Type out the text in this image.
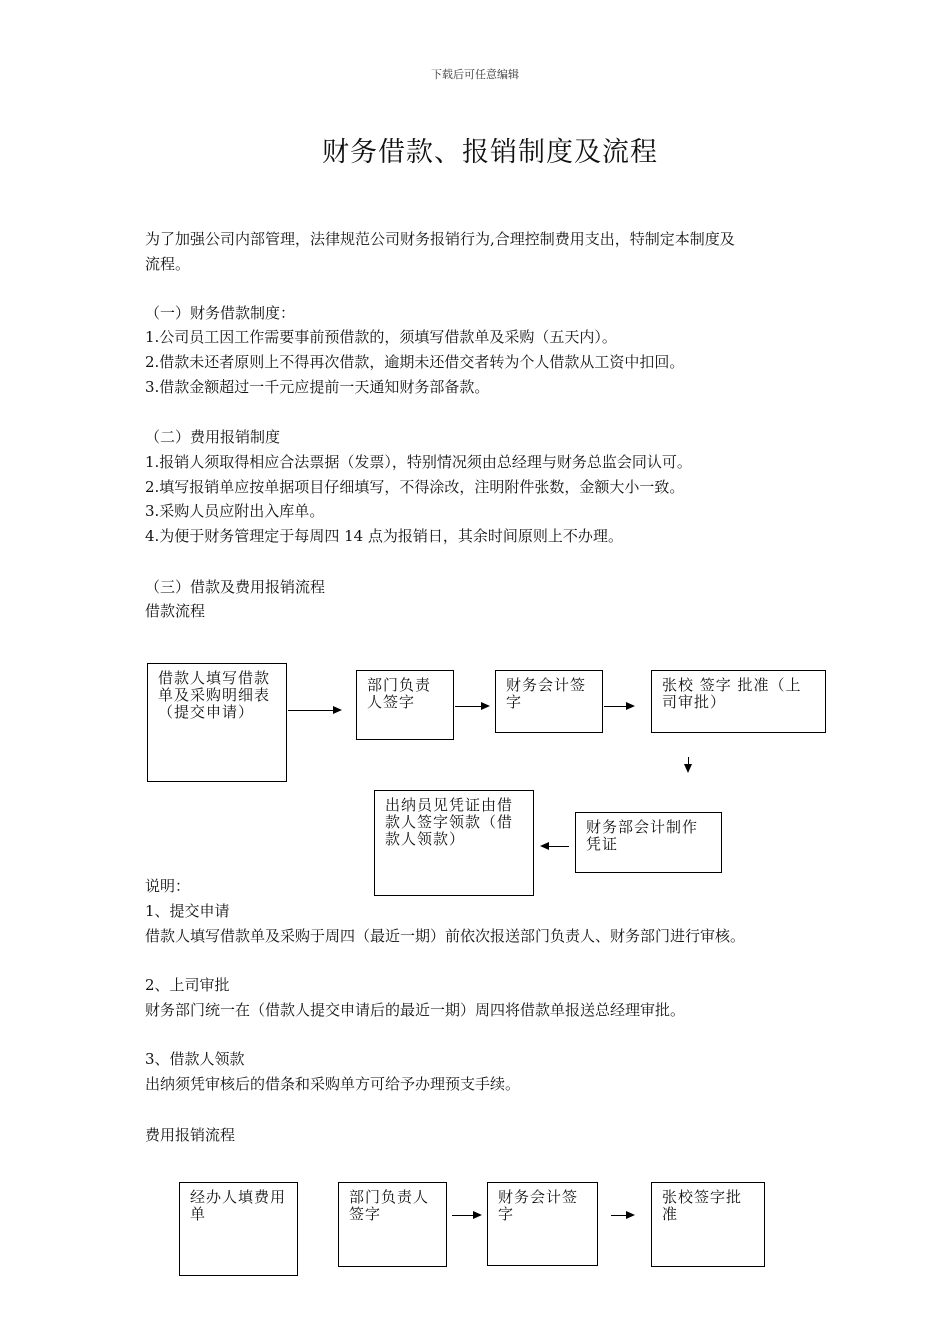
下载后可任意编辑
财务借款、报销制度及流程
为了加强公司内部管理，法律规范公司财务报销行为,合理控制费用支出，特制定本制度及
流程。
（一）财务借款制度：
1.公司员工因工作需要事前预借款的，须填写借款单及采购（五天内）。
2.借款未还者原则上不得再次借款，逾期未还借交者转为个人借款从工资中扣回。
3.借款金额超过一千元应提前一天通知财务部备款。
（二）费用报销制度
1.报销人须取得相应合法票据（发票），特别情况须由总经理与财务总监会同认可。
2.填写报销单应按单据项目仔细填写，不得涂改，注明附件张数，金额大小一致。
3.采购人员应附出入库单。
4.为便于财务管理定于每周四 14 点为报销日，其余时间原则上不办理。
（三）借款及费用报销流程
借款流程
借款人填写借款单及采购明细表（提交申请）
部门负责人签字
财务会计签字
张校 签字 批准（上司审批）
财务部会计制作凭证
出纳员见凭证由借款人签字领款（借款人领款）
说明：
1、提交申请
借款人填写借款单及采购于周四（最近一期）前依次报送部门负责人、财务部门进行审核。
2、上司审批
财务部门统一在（借款人提交申请后的最近一期）周四将借款单报送总经理审批。
3、借款人领款
出纳须凭审核后的借条和采购单方可给予办理预支手续。
费用报销流程
经办人填费用单
部门负责人签字
财务会计签字
张校签字批准
